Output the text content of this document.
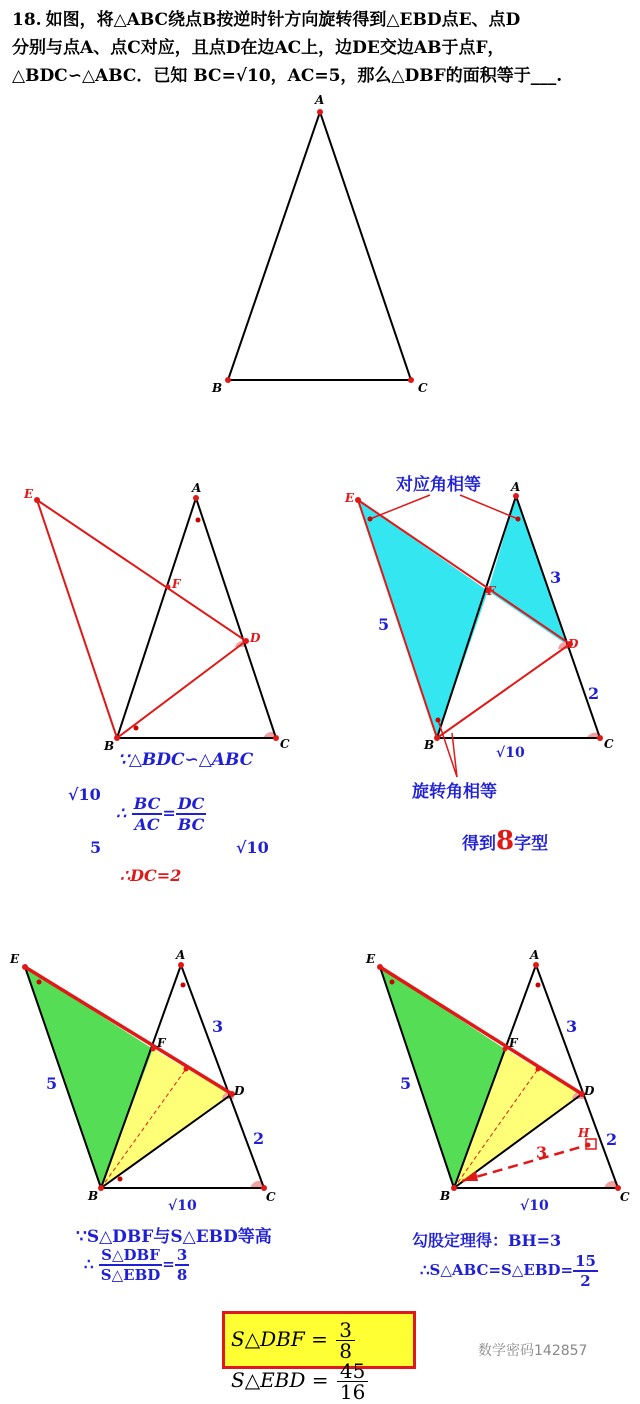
18. 如图，将△ABC绕点B按逆时针方向旋转得到△EBD点E、点D
分别与点A、点C对应，且点D在边AC上，边DE交边AB于点F，
△BDC∽△ABC．已知 BC=√10，AC=5，那么△DBF的面积等于___.
A
B	C
E	A
F
D
B	C
∵△BDC∽△ABC
√10
∴ $\frac{BC}{AC} = \frac{DC}{BC}$
5	√10
∴DC=2
E
A
F
D
B	C
5
3
2
√10
对应角相等
旋转角相等
得到8字型
E	A
F
D
B	C
5
3
2
√10
∵S△DBF与S△EBD等高
∴ $\frac{\text{S△DBF}}{\text{S△EBD}} = \frac{3}{8}$
E	A
F
D
H
B	C
5
3
2
3
√10
勾股定理得：BH=3
∴S△ABC=S△EBD= $\frac{15}{2}$
S△DBF = $\frac{3}{8}$
S△EBD = $\frac{45}{16}$
数学密码142857
